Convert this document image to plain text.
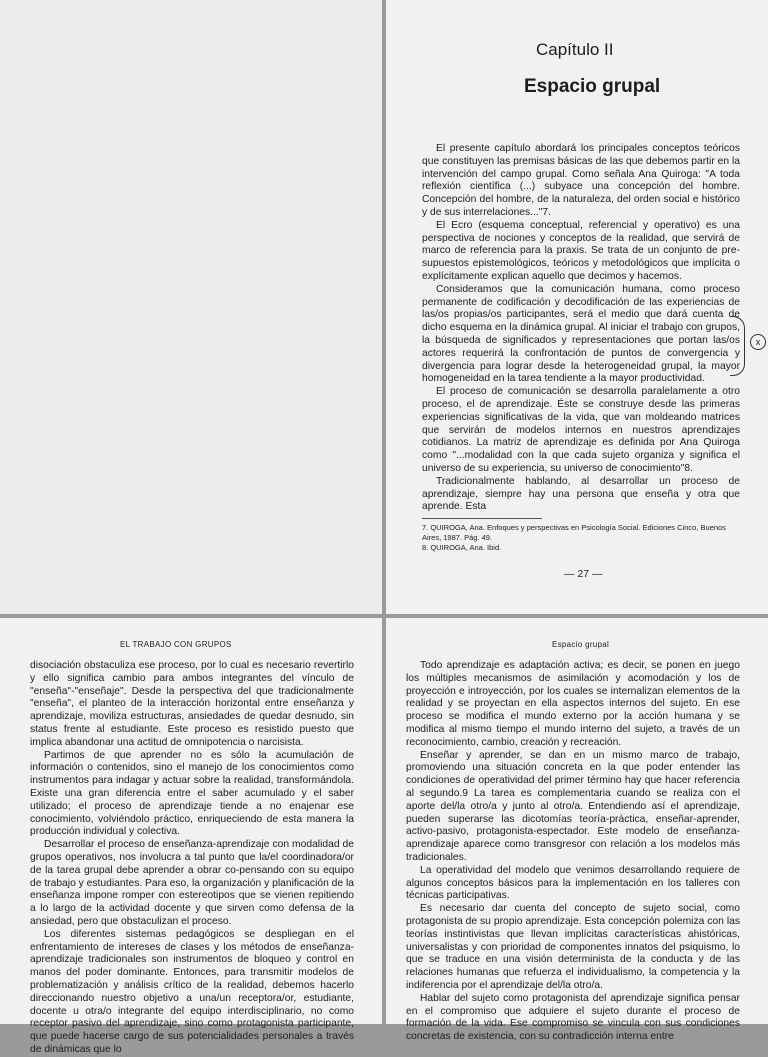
Capítulo II
Espacio grupal

El presente capítulo abordará los principales conceptos teóricos que constituyen las premisas básicas de las que debemos partir en la intervención del campo grupal. Como señala Ana Quiroga: "A toda reflexión científica (...) subyace una concepción del hombre. Concepción del hombre, de la naturaleza, del orden social e histórico y de sus interrelaciones..."7.

El Ecro (esquema conceptual, referencial y operativo) es una perspectiva de nociones y conceptos de la realidad, que servirá de marco de referencia para la praxis. Se trata de un conjunto de pre-supuestos epistemológicos, teóricos y metodológicos que implícita o explícitamente explican aquello que decimos y hacemos.

Consideramos que la comunicación humana, como proceso permanente de codificación y decodificación de las experiencias de las/os propias/os participantes, será el medio que dará cuenta de dicho esquema en la dinámica grupal. Al iniciar el trabajo con grupos, la búsqueda de significados y representaciones que portan las/os actores requerirá la confrontación de puntos de convergencia y divergencia para lograr desde la heterogeneidad grupal, la mayor homogeneidad en la tarea tendiente a la mayor productividad.

El proceso de comunicación se desarrolla paralelamente a otro proceso, el de aprendizaje. Éste se construye desde las primeras experiencias significativas de la vida, que van moldeando matrices que servirán de modelos internos en nuestros aprendizajes cotidianos. La matriz de aprendizaje es definida por Ana Quiroga como "...modalidad con la que cada sujeto organiza y significa el universo de su experiencia, su universo de conocimiento"8.

Tradicionalmente hablando, al desarrollar un proceso de aprendizaje, siempre hay una persona que enseña y otra que aprende. Esta

x
7. QUIROGA, Ana. Enfoques y perspectivas en Psicología Social. Ediciones Cinco, Buenos Aires, 1987. Pág. 49.
8. QUIROGA, Ana. Ibid.
— 27 —
EL TRABAJO CON GRUPOS

disociación obstaculiza ese proceso, por lo cual es necesario revertirlo y ello significa cambio para ambos integrantes del vínculo de "enseña"-"enseñaje". Desde la perspectiva del que tradicionalmente "enseña", el planteo de la interacción horizontal entre enseñanza y aprendizaje, moviliza estructuras, ansiedades de quedar desnudo, sin status frente al estudiante. Este proceso es resistido puesto que implica abandonar una actitud de omnipotencia o narcisista.

Partimos de que aprender no es sólo la acumulación de información o contenidos, sino el manejo de los conocimientos como instrumentos para indagar y actuar sobre la realidad, transformándola. Existe una gran diferencia entre el saber acumulado y el saber utilizado; el proceso de aprendizaje tiende a no enajenar ese conocimiento, volviéndolo práctico, enriqueciendo de esta manera la producción individual y colectiva.

Desarrollar el proceso de enseñanza-aprendizaje con modalidad de grupos operativos, nos involucra a tal punto que la/el coordinadora/or de la tarea grupal debe aprender a obrar co-pensando con su equipo de trabajo y estudiantes. Para eso, la organización y planificación de la enseñanza impone romper con estereotipos que se vienen repitiendo a lo largo de la actividad docente y que sirven como defensa de la ansiedad, pero que obstaculizan el proceso.

Los diferentes sistemas pedagógicos se despliegan en el enfrentamiento de intereses de clases y los métodos de enseñanza-aprendizaje tradicionales son instrumentos de bloqueo y control en manos del poder dominante. Entonces, para transmitir modelos de problematización y análisis crítico de la realidad, debemos hacerlo direccionando nuestro objetivo a una/un receptora/or, estudiante, docente u otra/o integrante del equipo interdisciplinario, no como receptor pasivo del aprendizaje, sino como protagonista participante, que puede hacerse cargo de sus potencialidades personales a través de dinámicas que lo

Espacio grupal

Todo aprendizaje es adaptación activa; es decir, se ponen en juego los múltiples mecanismos de asimilación y acomodación y los de proyección e introyección, por los cuales se internalizan elementos de la realidad y se proyectan en ella aspectos internos del sujeto. En ese proceso se modifica el mundo externo por la acción humana y se modifica al mismo tiempo el mundo interno del sujeto, a través de un reconocimiento, cambio, creación y recreación.

Enseñar y aprender, se dan en un mismo marco de trabajo, promoviendo una situación concreta en la que poder entender las condiciones de operatividad del primer término hay que hacer referencia al segundo.9 La tarea es complementaria cuando se realiza con el aporte del/la otro/a y junto al otro/a. Entendiendo así el aprendizaje, pueden superarse las dicotomías teoría-práctica, enseñar-aprender, activo-pasivo, protagonista-espectador. Este modelo de enseñanza-aprendizaje aparece como transgresor con relación a los modelos más tradicionales.

La operatividad del modelo que venimos desarrollando requiere de algunos conceptos básicos para la implementación en los talleres con técnicas participativas.

Es necesario dar cuenta del concepto de sujeto social, como protagonista de su propio aprendizaje. Esta concepción polemiza con las teorías instintivistas que llevan implícitas características ahistóricas, universalistas y con prioridad de componentes innatos del psiquismo, lo que se traduce en una visión determinista de la conducta y de las relaciones humanas que refuerza el individualismo, la competencia y la indiferencia por el aprendizaje del/la otro/a.

Hablar del sujeto como protagonista del aprendizaje significa pensar en el compromiso que adquiere el sujeto durante el proceso de formación de la vida. Ese compromiso se vincula con sus condiciones concretas de existencia, con su contradicción interna entre
